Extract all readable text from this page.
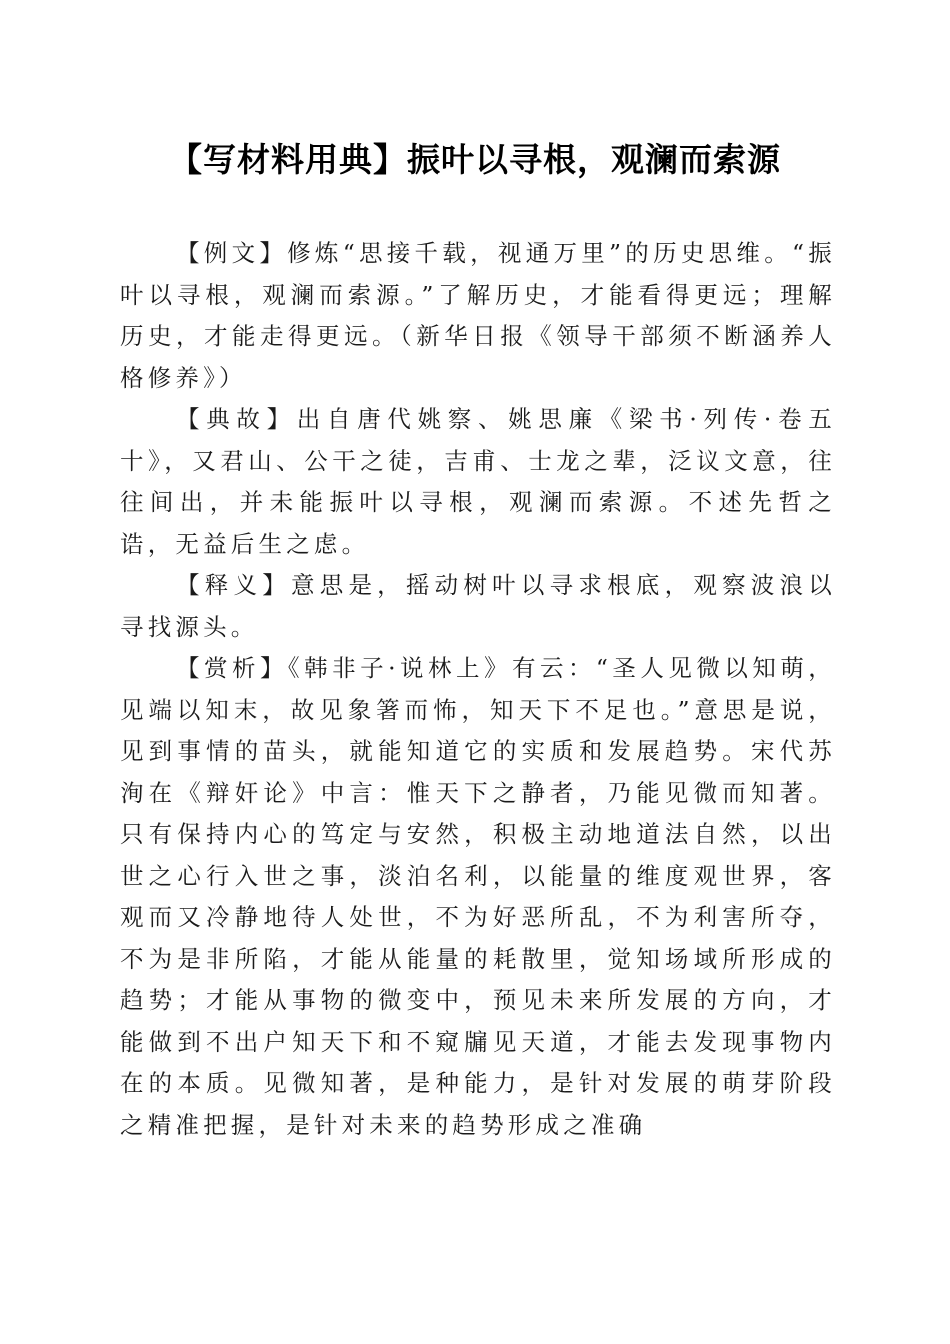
【写材料用典】振叶以寻根，观澜而索源

【例文】修炼“思接千载，视通万里”的历史思维。“振叶以寻根，观澜而索源。”了解历史，才能看得更远；理解历史，才能走得更远。（新华日报《领导干部须不断涵养人格修养》）

【典故】出自唐代姚察、姚思廉《梁书·列传·卷五十》，又君山、公干之徒，吉甫、士龙之辈，泛议文意，往往间出，并未能振叶以寻根，观澜而索源。不述先哲之诰，无益后生之虑。

【释义】意思是，摇动树叶以寻求根底，观察波浪以寻找源头。

【赏析】《韩非子·说林上》有云：“圣人见微以知萌，见端以知末，故见象箸而怖，知天下不足也。”意思是说，见到事情的苗头，就能知道它的实质和发展趋势。宋代苏洵在《辩奸论》中言：惟天下之静者，乃能见微而知著。只有保持内心的笃定与安然，积极主动地道法自然，以出世之心行入世之事，淡泊名利，以能量的维度观世界，客观而又冷静地待人处世，不为好恶所乱，不为利害所夺，不为是非所陷，才能从能量的耗散里，觉知场域所形成的趋势；才能从事物的微变中，预见未来所发展的方向，才能做到不出户知天下和不窥牖见天道，才能去发现事物内在的本质。见微知著，是种能力，是针对发展的萌芽阶段之精准把握，是针对未来的趋势形成之准确
